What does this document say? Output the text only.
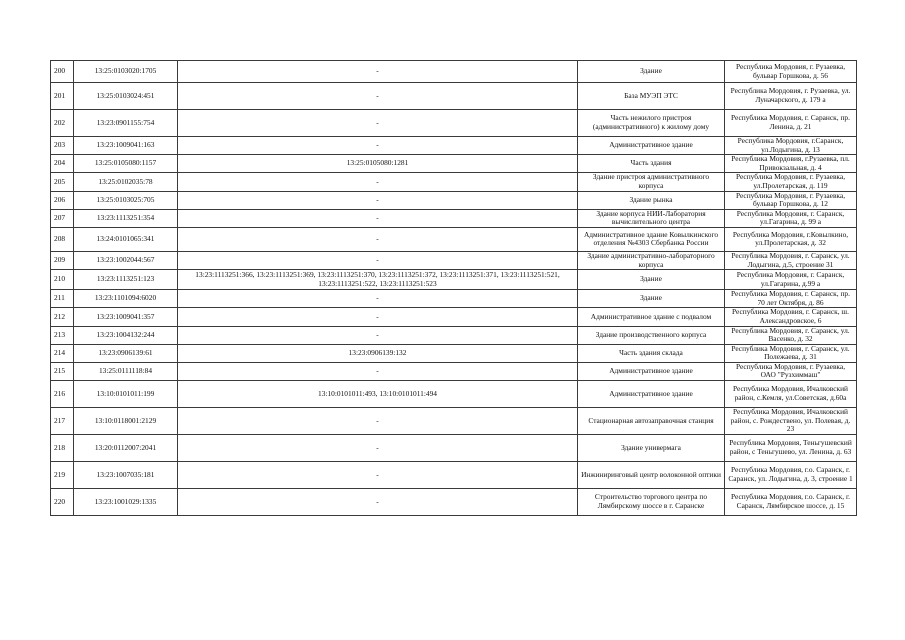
200	13:25:0103020:1705	-	Здание	Республика Мордовия, г. Рузаевка, бульвар Горшкова, д. 56
201	13:25:0103024:451	-	База МУЭП ЭТС	Республика Мордовия, г. Рузаевка, ул. Луначарского, д. 179 а
202	13:23:0901155:754	-	Часть нежилого пристроя (административного) к жилому дому	Республика Мордовия, г. Саранск, пр. Ленина, д. 21
203	13:23:1009041:163	-	Административное здание	Республика Мордовия, г.Саранск, ул.Лодыгина, д. 13
204	13:25:0105080:1157	13:25:0105080:1281	Часть здания	Республика Мордовия, г.Рузаевка, пл. Привокзальная, д. 4
205	13:25:0102035:78	-	Здание пристроя административного корпуса	Республика Мордовия, г. Рузаевка, ул.Пролетарская, д. 119
206	13:25:0103025:705	-	Здание рынка	Республика Мордовия, г. Рузаевка, бульвар Горшкова, д. 12
207	13:23:1113251:354	-	Здание корпуса НИИ-Лаборатория вычислительного центра	Республика Мордовия, г. Саранск, ул.Гагарина, д. 99 а
208	13:24:0101065:341	-	Административное здание Ковылкинского отделения №4303 Сбербанка России	Республика Мордовия, г.Ковылкино, ул.Пролетарская, д. 32
209	13:23:1002044:567	-	Здание административно-лабораторного корпуса	Республика Мордовия, г. Саранск, ул. Лодыгина, д.5, строение 31
210	13:23:1113251:123	13:23:1113251:366, 13:23:1113251:369, 13:23:1113251:370, 13:23:1113251:372, 13:23:1113251:371, 13:23:1113251:521, 13:23:1113251:522, 13:23:1113251:523	Здание	Республика Мордовия, г. Саранск, ул.Гагарина, д.99 а
211	13:23:1101094:6020	-	Здание	Республика Мордовия, г. Саранск, пр. 70 лет Октября, д. 86
212	13:23:1009041:357	-	Административное здание с подвалом	Республика Мордовия, г. Саранск, ш. Александровское, 6
213	13:23:1004132:244	-	Здание производственного корпуса	Республика Мордовия, г. Саранск, ул. Васенко, д. 32
214	13:23:0906139:61	13:23:0906139:132	Часть здания склада	Республика Мордовия, г. Саранск, ул. Полежаева, д. 31
215	13:25:0111118:84	-	Административное здание	Республика Мордовия, г. Рузаевка, ОАО "Рузхиммаш"
216	13:10:0101011:199	13:10:0101011:493, 13:10:0101011:494	Административное здание	Республика Мордовия, Ичалковский район, с.Кемля, ул.Советская, д.60а
217	13:10:0118001:2129	-	Стационарная автозаправочная станция	Республика Мордовия, Ичалковский район, с. Рождествено, ул. Полевая, д. 23
218	13:20:0112007:2041	-	Здание универмага	Республика Мордовия, Теньгушевский район, с Теньгушево, ул. Ленина, д. 63
219	13:23:1007035:181	-	Инжиниринговый центр волоконной оптики	Республика Мордовия, г.о. Саранск, г. Саранск, ул. Лодыгина, д. 3, строение 1
220	13:23:1001029:1335	-	Строительство торгового центра по Лямбирскому шоссе в г. Саранске	Республика Мордовия, г.о. Саранск, г. Саранск, Лямбирское шоссе, д. 15
